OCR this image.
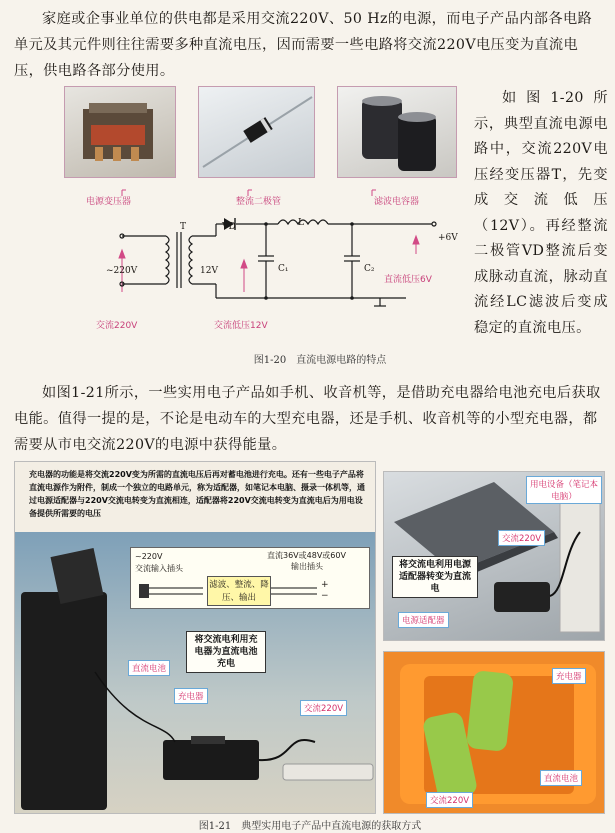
家庭或企事业单位的供电都是采用交流220V、50 Hz的电源，而电子产品内部各电路单元及其元件则往往需要多种直流电压，因而需要一些电路将交流220V电压变为直流电压，供电路各部分使用。
电源变压器	整流二极管	滤波电容器
T	VD	L
C₁	C₂
~220V	12V
+6V
交流220V	交流低压12V
直流低压6V
如图1-20所示，典型直流电源电路中，交流220V电压经变压器T，先变成交流低压（12V）。再经整流二极管VD整流后变成脉动直流，脉动直流经LC滤波后变成稳定的直流电压。
图1-20　直流电源电路的特点
如图1-21所示，一些实用电子产品如手机、收音机等，是借助充电器给电池充电后获取电能。值得一提的是，不论是电动车的大型充电器，还是手机、收音机等的小型充电器，都需要从市电交流220V的电源中获得能量。
充电器的功能是将交流220V变为所需的直流电压后再对蓄电池进行充电。还有一些电子产品将直流电源作为附件，制成一个独立的电路单元，称为适配器，如笔记本电脑、摄录一体机等，通过电源适配器与220V交流电转变为直流相连，适配器将220V交流电转变为直流电后为用电设备提供所需要的电压
~220V
交流输入插头
直流36V或48V或60V
输出插头
滤波、整流、降压、输出
+
−
将交流电利用充电器为直流电池充电
直流电池
充电器
交流220V
用电设备（笔记本电脑）
交流220V
将交流电利用电源适配器转变为直流电
电源适配器
充电器
直流电池
交流220V
图1-21　典型实用电子产品中直流电源的获取方式
